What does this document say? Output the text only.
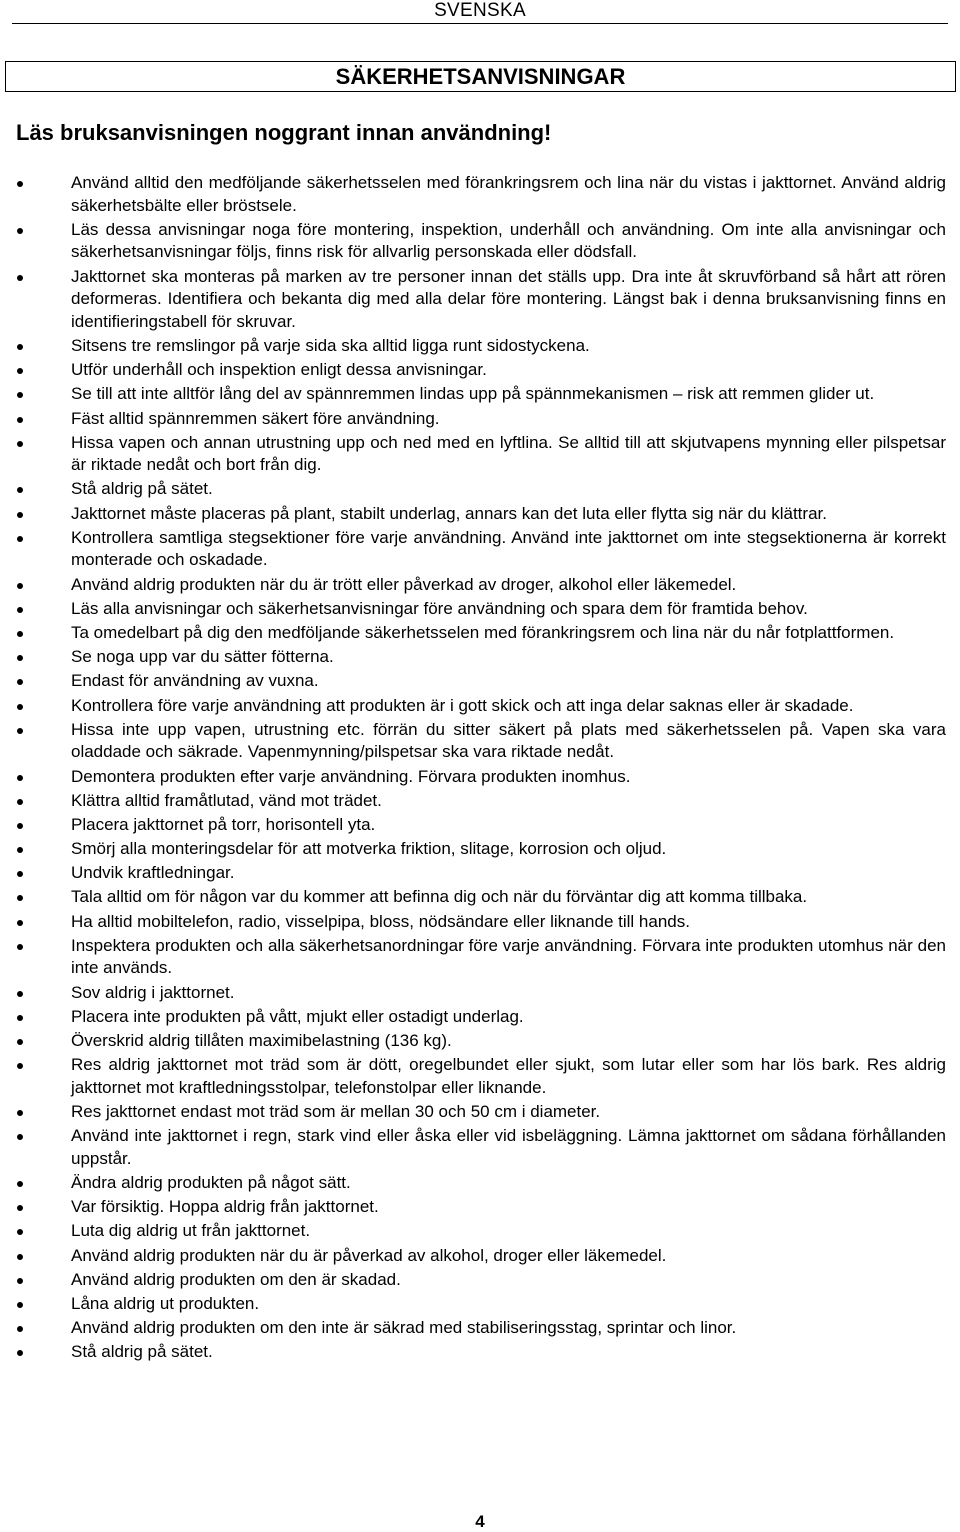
SVENSKA
SÄKERHETSANVISNINGAR
Läs bruksanvisningen noggrant innan användning!
Använd alltid den medföljande säkerhetsselen med förankringsrem och lina när du vistas i jakttornet. Använd aldrig säkerhetsbälte eller bröstsele.
Läs dessa anvisningar noga före montering, inspektion, underhåll och användning. Om inte alla anvisningar och säkerhetsanvisningar följs, finns risk för allvarlig personskada eller dödsfall.
Jakttornet ska monteras på marken av tre personer innan det ställs upp. Dra inte åt skruvförband så hårt att rören deformeras. Identifiera och bekanta dig med alla delar före montering. Längst bak i denna bruksanvisning finns en identifieringstabell för skruvar.
Sitsens tre remslingor på varje sida ska alltid ligga runt sidostyckena.
Utför underhåll och inspektion enligt dessa anvisningar.
Se till att inte alltför lång del av spännremmen lindas upp på spännmekanismen – risk att remmen glider ut.
Fäst alltid spännremmen säkert före användning.
Hissa vapen och annan utrustning upp och ned med en lyftlina. Se alltid till att skjutvapens mynning eller pilspetsar är riktade nedåt och bort från dig.
Stå aldrig på sätet.
Jakttornet måste placeras på plant, stabilt underlag, annars kan det luta eller flytta sig när du klättrar.
Kontrollera samtliga stegsektioner före varje användning. Använd inte jakttornet om inte stegsektionerna är korrekt monterade och oskadade.
Använd aldrig produkten när du är trött eller påverkad av droger, alkohol eller läkemedel.
Läs alla anvisningar och säkerhetsanvisningar före användning och spara dem för framtida behov.
Ta omedelbart på dig den medföljande säkerhetsselen med förankringsrem och lina när du når fotplattformen.
Se noga upp var du sätter fötterna.
Endast för användning av vuxna.
Kontrollera före varje användning att produkten är i gott skick och att inga delar saknas eller är skadade.
Hissa inte upp vapen, utrustning etc. förrän du sitter säkert på plats med säkerhetsselen på. Vapen ska vara oladdade och säkrade. Vapenmynning/pilspetsar ska vara riktade nedåt.
Demontera produkten efter varje användning. Förvara produkten inomhus.
Klättra alltid framåtlutad, vänd mot trädet.
Placera jakttornet på torr, horisontell yta.
Smörj alla monteringsdelar för att motverka friktion, slitage, korrosion och oljud.
Undvik kraftledningar.
Tala alltid om för någon var du kommer att befinna dig och när du förväntar dig att komma tillbaka.
Ha alltid mobiltelefon, radio, visselpipa, bloss, nödsändare eller liknande till hands.
Inspektera produkten och alla säkerhetsanordningar före varje användning. Förvara inte produkten utomhus när den inte används.
Sov aldrig i jakttornet.
Placera inte produkten på vått, mjukt eller ostadigt underlag.
Överskrid aldrig tillåten maximibelastning (136 kg).
Res aldrig jakttornet mot träd som är dött, oregelbundet eller sjukt, som lutar eller som har lös bark. Res aldrig jakttornet mot kraftledningsstolpar, telefonstolpar eller liknande.
Res jakttornet endast mot träd som är mellan 30 och 50 cm i diameter.
Använd inte jakttornet i regn, stark vind eller åska eller vid isbeläggning. Lämna jakttornet om sådana förhållanden uppstår.
Ändra aldrig produkten på något sätt.
Var försiktig. Hoppa aldrig från jakttornet.
Luta dig aldrig ut från jakttornet.
Använd aldrig produkten när du är påverkad av alkohol, droger eller läkemedel.
Använd aldrig produkten om den är skadad.
Låna aldrig ut produkten.
Använd aldrig produkten om den inte är säkrad med stabiliseringsstag, sprintar och linor.
Stå aldrig på sätet.
4
